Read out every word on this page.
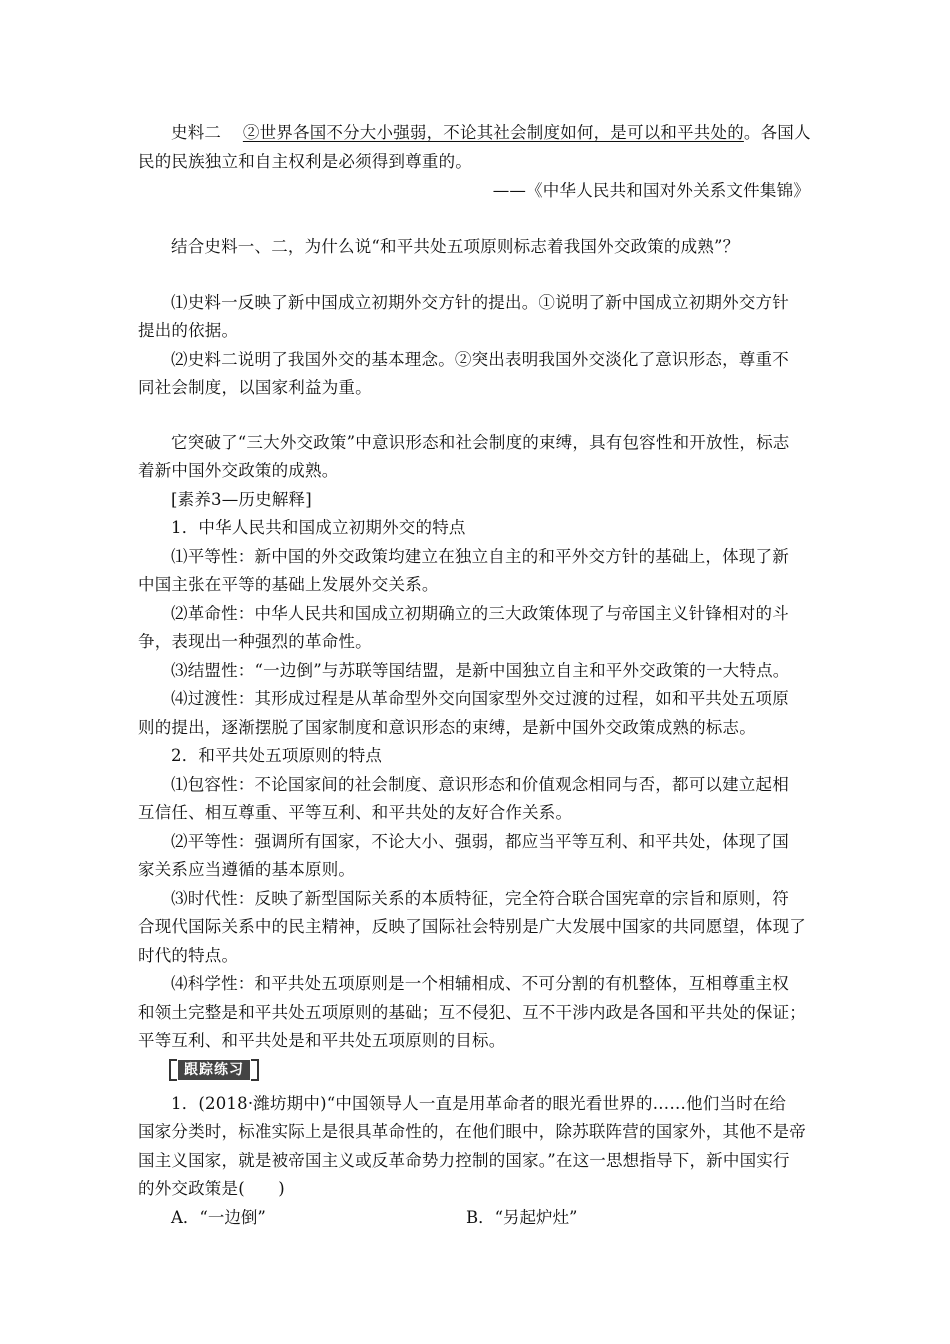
史料二 ②世界各国不分大小强弱，不论其社会制度如何，是可以和平共处的。各国人
民的民族独立和自主权利是必须得到尊重的。
——《中华人民共和国对外关系文件集锦》
结合史料一、二，为什么说“和平共处五项原则标志着我国外交政策的成熟”？
⑴史料一反映了新中国成立初期外交方针的提出。①说明了新中国成立初期外交方针
提出的依据。
⑵史料二说明了我国外交的基本理念。②突出表明我国外交淡化了意识形态，尊重不
同社会制度，以国家利益为重。
它突破了“三大外交政策”中意识形态和社会制度的束缚，具有包容性和开放性，标志
着新中国外交政策的成熟。
[素养3—历史解释]
1．中华人民共和国成立初期外交的特点
⑴平等性：新中国的外交政策均建立在独立自主的和平外交方针的基础上，体现了新
中国主张在平等的基础上发展外交关系。
⑵革命性：中华人民共和国成立初期确立的三大政策体现了与帝国主义针锋相对的斗
争，表现出一种强烈的革命性。
⑶结盟性：“一边倒”与苏联等国结盟，是新中国独立自主和平外交政策的一大特点。
⑷过渡性：其形成过程是从革命型外交向国家型外交过渡的过程，如和平共处五项原
则的提出，逐渐摆脱了国家制度和意识形态的束缚，是新中国外交政策成熟的标志。
2．和平共处五项原则的特点
⑴包容性：不论国家间的社会制度、意识形态和价值观念相同与否，都可以建立起相
互信任、相互尊重、平等互利、和平共处的友好合作关系。
⑵平等性：强调所有国家，不论大小、强弱，都应当平等互利、和平共处，体现了国
家关系应当遵循的基本原则。
⑶时代性：反映了新型国际关系的本质特征，完全符合联合国宪章的宗旨和原则，符
合现代国际关系中的民主精神，反映了国际社会特别是广大发展中国家的共同愿望，体现了
时代的特点。
⑷科学性：和平共处五项原则是一个相辅相成、不可分割的有机整体，互相尊重主权
和领土完整是和平共处五项原则的基础；互不侵犯、互不干涉内政是各国和平共处的保证；
平等互利、和平共处是和平共处五项原则的目标。
跟踪练习
1．(2018·潍坊期中)“中国领导人一直是用革命者的眼光看世界的……他们当时在给
国家分类时，标准实际上是很具革命性的，在他们眼中，除苏联阵营的国家外，其他不是帝
国主义国家，就是被帝国主义或反革命势力控制的国家。”在这一思想指导下，新中国实行
的外交政策是(　　)
A．“一边倒”	B．“另起炉灶”
